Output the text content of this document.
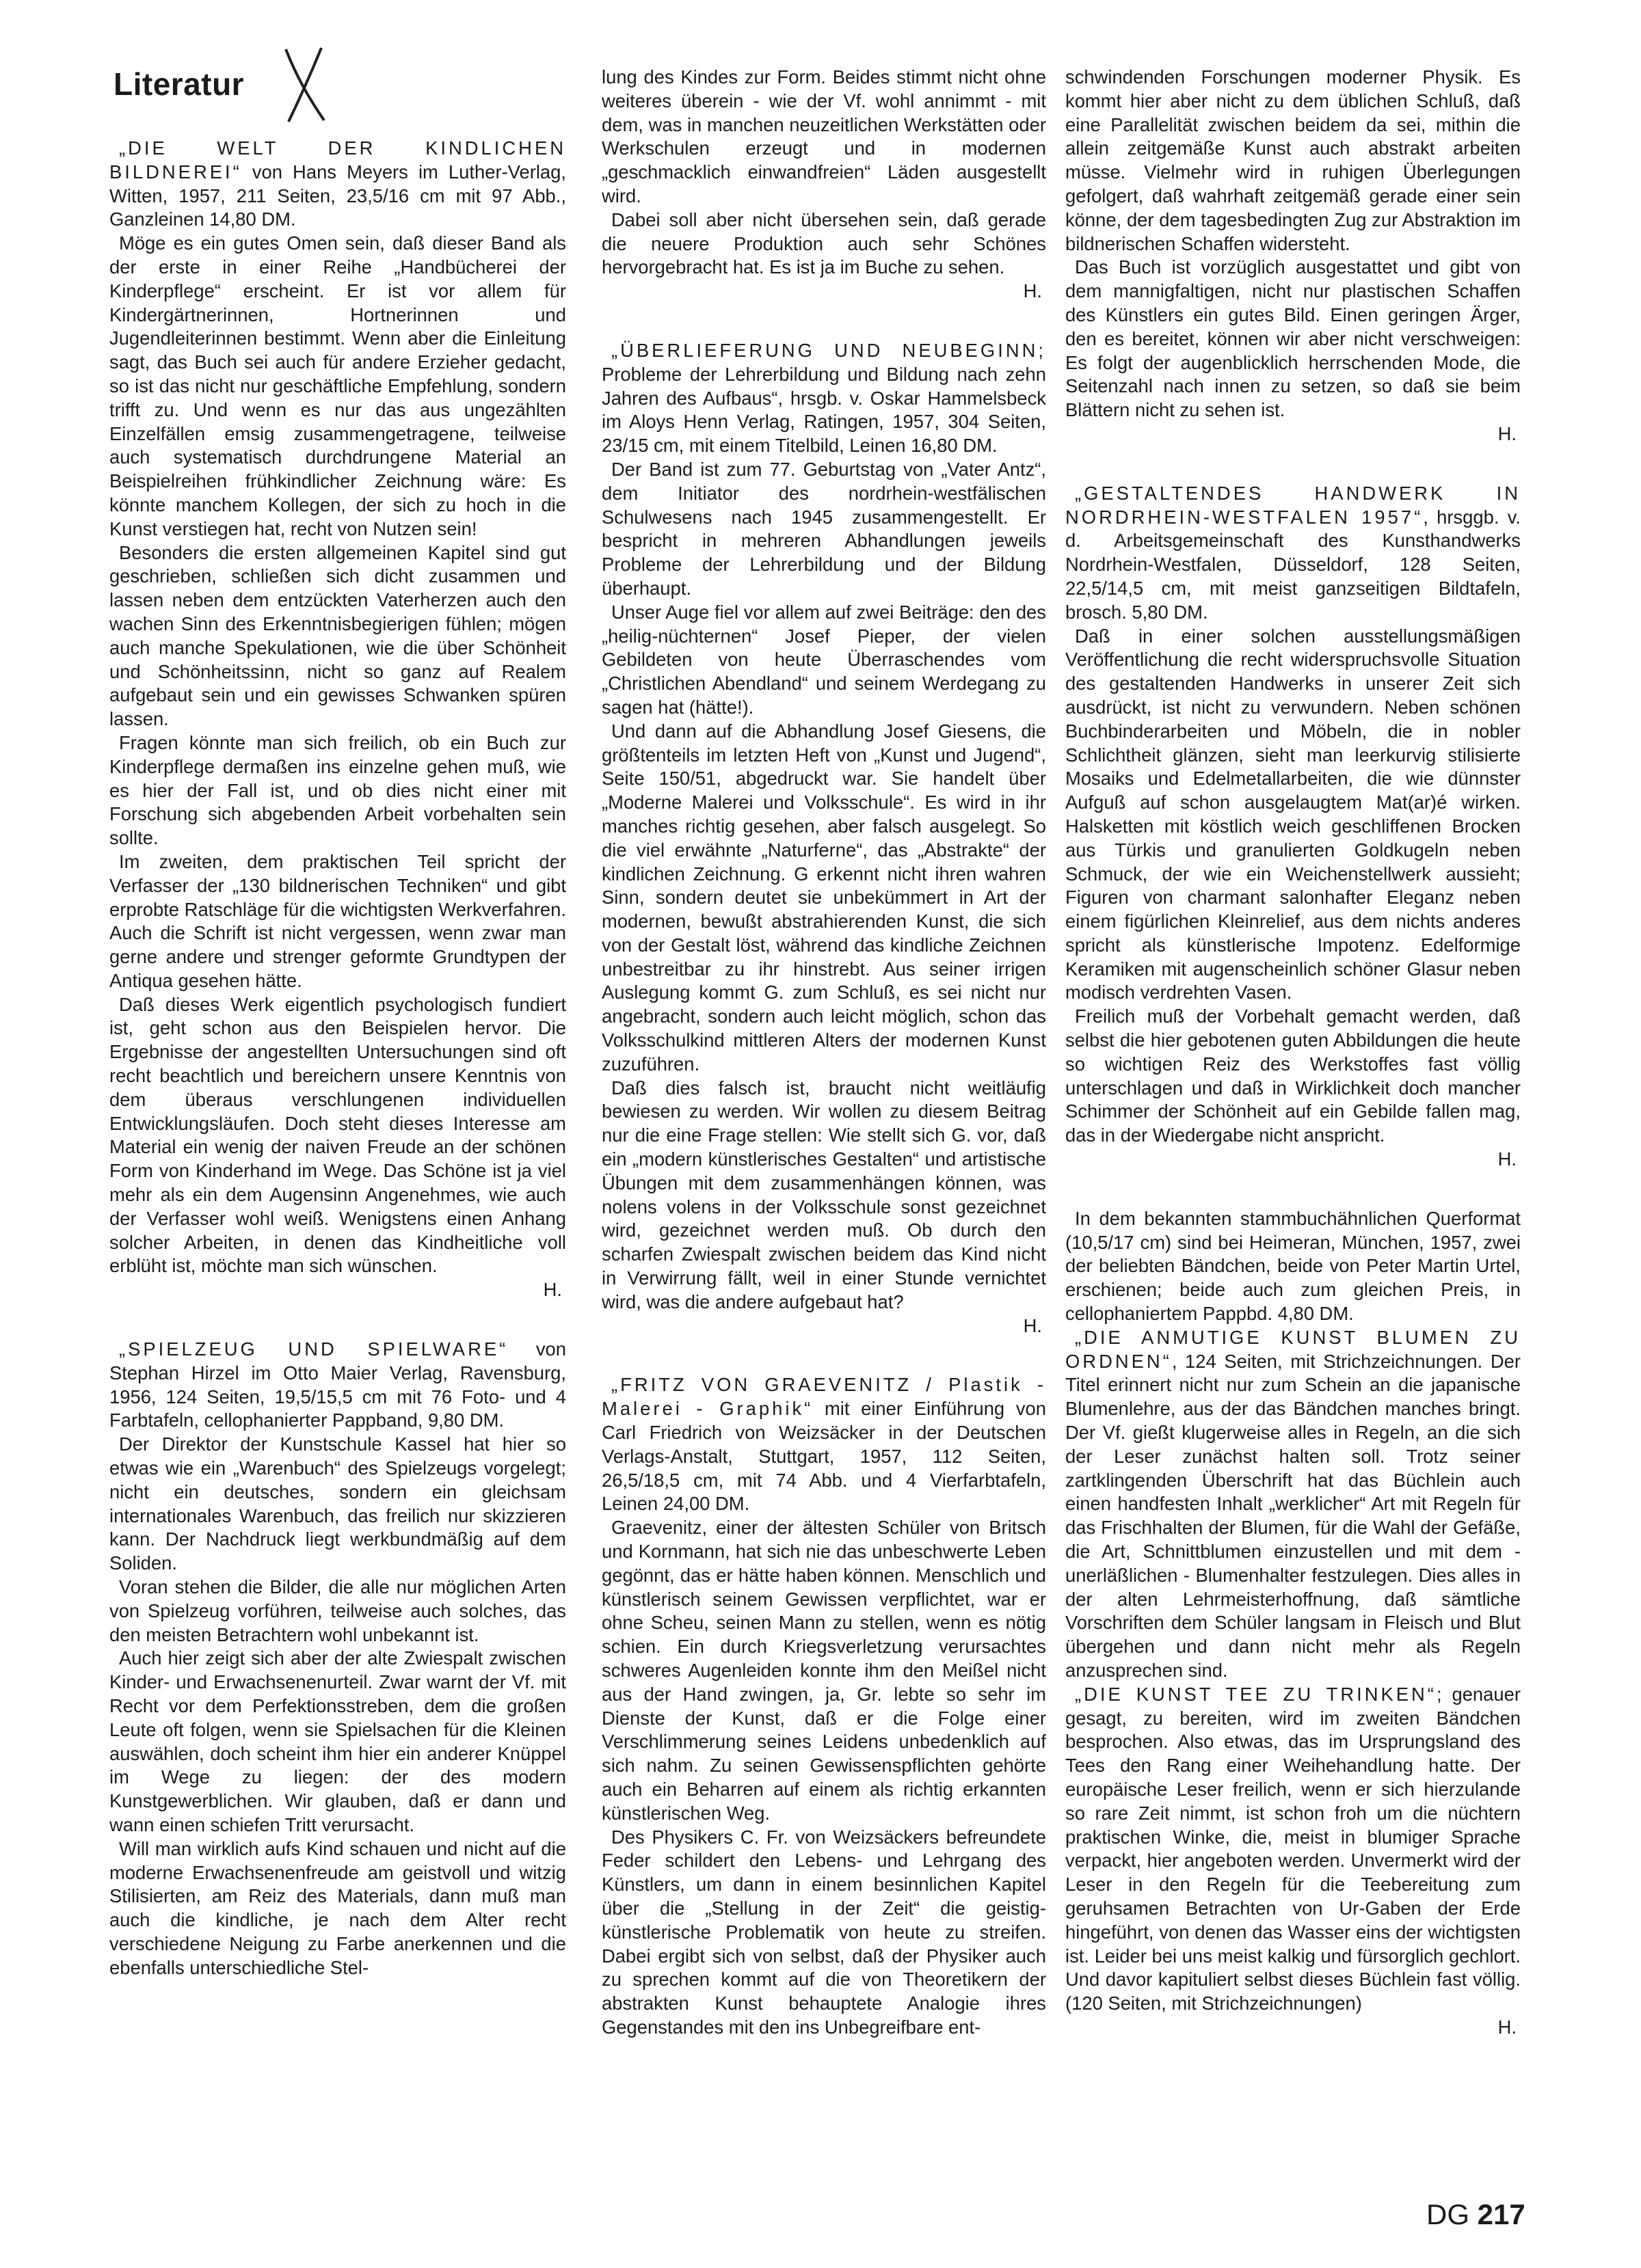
Literatur

„DIE WELT DER KINDLICHEN BILDNEREI“ von Hans Meyers im Luther-Verlag, Witten, 1957, 211 Seiten, 23,5/16 cm mit 97 Abb., Ganzleinen 14,80 DM.

Möge es ein gutes Omen sein, daß dieser Band als der erste in einer Reihe „Handbücherei der Kinderpflege“ erscheint. Er ist vor allem für Kindergärtnerinnen, Hortnerinnen und Jugendleiterinnen bestimmt. Wenn aber die Einleitung sagt, das Buch sei auch für andere Erzieher gedacht, so ist das nicht nur geschäftliche Empfehlung, sondern trifft zu. Und wenn es nur das aus ungezählten Einzelfällen emsig zusammengetragene, teilweise auch systematisch durchdrungene Material an Beispielreihen frühkindlicher Zeichnung wäre: Es könnte manchem Kollegen, der sich zu hoch in die Kunst verstiegen hat, recht von Nutzen sein!

Besonders die ersten allgemeinen Kapitel sind gut geschrieben, schließen sich dicht zusammen und lassen neben dem entzückten Vaterherzen auch den wachen Sinn des Erkenntnisbegierigen fühlen; mögen auch manche Spekulationen, wie die über Schönheit und Schönheitssinn, nicht so ganz auf Realem aufgebaut sein und ein gewisses Schwanken spüren lassen.

Fragen könnte man sich freilich, ob ein Buch zur Kinderpflege dermaßen ins einzelne gehen muß, wie es hier der Fall ist, und ob dies nicht einer mit Forschung sich abgebenden Arbeit vorbehalten sein sollte.

Im zweiten, dem praktischen Teil spricht der Verfasser der „130 bildnerischen Techniken“ und gibt erprobte Ratschläge für die wichtigsten Werkverfahren. Auch die Schrift ist nicht vergessen, wenn zwar man gerne andere und strenger geformte Grundtypen der Antiqua gesehen hätte.

Daß dieses Werk eigentlich psychologisch fundiert ist, geht schon aus den Beispielen hervor. Die Ergebnisse der angestellten Untersuchungen sind oft recht beachtlich und bereichern unsere Kenntnis von dem überaus verschlungenen individuellen Entwicklungsläufen. Doch steht dieses Interesse am Material ein wenig der naiven Freude an der schönen Form von Kinderhand im Wege. Das Schöne ist ja viel mehr als ein dem Augensinn Angenehmes, wie auch der Verfasser wohl weiß. Wenigstens einen Anhang solcher Arbeiten, in denen das Kindheitliche voll erblüht ist, möchte man sich wünschen.

H.

„SPIELZEUG UND SPIELWARE“ von Stephan Hirzel im Otto Maier Verlag, Ravensburg, 1956, 124 Seiten, 19,5/15,5 cm mit 76 Foto- und 4 Farbtafeln, cellophanierter Pappband, 9,80 DM.

Der Direktor der Kunstschule Kassel hat hier so etwas wie ein „Warenbuch“ des Spielzeugs vorgelegt; nicht ein deutsches, sondern ein gleichsam internationales Warenbuch, das freilich nur skizzieren kann. Der Nachdruck liegt werkbundmäßig auf dem Soliden.

Voran stehen die Bilder, die alle nur möglichen Arten von Spielzeug vorführen, teilweise auch solches, das den meisten Betrachtern wohl unbekannt ist.

Auch hier zeigt sich aber der alte Zwiespalt zwischen Kinder- und Erwachsenenurteil. Zwar warnt der Vf. mit Recht vor dem Perfektionsstreben, dem die großen Leute oft folgen, wenn sie Spielsachen für die Kleinen auswählen, doch scheint ihm hier ein anderer Knüppel im Wege zu liegen: der des modern Kunstgewerblichen. Wir glauben, daß er dann und wann einen schiefen Tritt verursacht.

Will man wirklich aufs Kind schauen und nicht auf die moderne Erwachsenenfreude am geistvoll und witzig Stilisierten, am Reiz des Materials, dann muß man auch die kindliche, je nach dem Alter recht verschiedene Neigung zu Farbe anerkennen und die ebenfalls unterschiedliche Stel-

lung des Kindes zur Form. Beides stimmt nicht ohne weiteres überein - wie der Vf. wohl annimmt - mit dem, was in manchen neuzeitlichen Werkstätten oder Werkschulen erzeugt und in modernen „geschmacklich einwandfreien“ Läden ausgestellt wird.

Dabei soll aber nicht übersehen sein, daß gerade die neuere Produktion auch sehr Schönes hervorgebracht hat. Es ist ja im Buche zu sehen.

H.

„ÜBERLIEFERUNG UND NEUBEGINN; Probleme der Lehrerbildung und Bildung nach zehn Jahren des Aufbaus“, hrsgb. v. Oskar Hammelsbeck im Aloys Henn Verlag, Ratingen, 1957, 304 Seiten, 23/15 cm, mit einem Titelbild, Leinen 16,80 DM.

Der Band ist zum 77. Geburtstag von „Vater Antz“, dem Initiator des nordrhein-westfälischen Schulwesens nach 1945 zusammengestellt. Er bespricht in mehreren Abhandlungen jeweils Probleme der Lehrerbildung und der Bildung überhaupt.

Unser Auge fiel vor allem auf zwei Beiträge: den des „heilig-nüchternen“ Josef Pieper, der vielen Gebildeten von heute Überraschendes vom „Christlichen Abendland“ und seinem Werdegang zu sagen hat (hätte!).

Und dann auf die Abhandlung Josef Giesens, die größtenteils im letzten Heft von „Kunst und Jugend“, Seite 150/51, abgedruckt war. Sie handelt über „Moderne Malerei und Volksschule“. Es wird in ihr manches richtig gesehen, aber falsch ausgelegt. So die viel erwähnte „Naturferne“, das „Abstrakte“ der kindlichen Zeichnung. G erkennt nicht ihren wahren Sinn, sondern deutet sie unbekümmert in Art der modernen, bewußt abstrahierenden Kunst, die sich von der Gestalt löst, während das kindliche Zeichnen unbestreitbar zu ihr hinstrebt. Aus seiner irrigen Auslegung kommt G. zum Schluß, es sei nicht nur angebracht, sondern auch leicht möglich, schon das Volksschulkind mittleren Alters der modernen Kunst zuzuführen.

Daß dies falsch ist, braucht nicht weitläufig bewiesen zu werden. Wir wollen zu diesem Beitrag nur die eine Frage stellen: Wie stellt sich G. vor, daß ein „modern künstlerisches Gestalten“ und artistische Übungen mit dem zusammenhängen können, was nolens volens in der Volksschule sonst gezeichnet wird, gezeichnet werden muß. Ob durch den scharfen Zwiespalt zwischen beidem das Kind nicht in Verwirrung fällt, weil in einer Stunde vernichtet wird, was die andere aufgebaut hat?

H.

„FRITZ VON GRAEVENITZ / Plastik - Malerei - Graphik“ mit einer Einführung von Carl Friedrich von Weizsäcker in der Deutschen Verlags-Anstalt, Stuttgart, 1957, 112 Seiten, 26,5/18,5 cm, mit 74 Abb. und 4 Vierfarbtafeln, Leinen 24,00 DM.

Graevenitz, einer der ältesten Schüler von Britsch und Kornmann, hat sich nie das unbeschwerte Leben gegönnt, das er hätte haben können. Menschlich und künstlerisch seinem Gewissen verpflichtet, war er ohne Scheu, seinen Mann zu stellen, wenn es nötig schien. Ein durch Kriegsverletzung verursachtes schweres Augenleiden konnte ihm den Meißel nicht aus der Hand zwingen, ja, Gr. lebte so sehr im Dienste der Kunst, daß er die Folge einer Verschlimmerung seines Leidens unbedenklich auf sich nahm. Zu seinen Gewissenspflichten gehörte auch ein Beharren auf einem als richtig erkannten künstlerischen Weg.

Des Physikers C. Fr. von Weizsäckers befreundete Feder schildert den Lebens- und Lehrgang des Künstlers, um dann in einem besinnlichen Kapitel über die „Stellung in der Zeit“ die geistig-künstlerische Problematik von heute zu streifen. Dabei ergibt sich von selbst, daß der Physiker auch zu sprechen kommt auf die von Theoretikern der abstrakten Kunst behauptete Analogie ihres Gegenstandes mit den ins Unbegreifbare ent-

schwindenden Forschungen moderner Physik. Es kommt hier aber nicht zu dem üblichen Schluß, daß eine Parallelität zwischen beidem da sei, mithin die allein zeitgemäße Kunst auch abstrakt arbeiten müsse. Vielmehr wird in ruhigen Überlegungen gefolgert, daß wahrhaft zeitgemäß gerade einer sein könne, der dem tagesbedingten Zug zur Abstraktion im bildnerischen Schaffen widersteht.

Das Buch ist vorzüglich ausgestattet und gibt von dem mannigfaltigen, nicht nur plastischen Schaffen des Künstlers ein gutes Bild. Einen geringen Ärger, den es bereitet, können wir aber nicht verschweigen: Es folgt der augenblicklich herrschenden Mode, die Seitenzahl nach innen zu setzen, so daß sie beim Blättern nicht zu sehen ist.

H.

„GESTALTENDES HANDWERK IN NORDRHEIN-WESTFALEN 1957“, hrsggb. v. d. Arbeitsgemeinschaft des Kunsthandwerks Nordrhein-Westfalen, Düsseldorf, 128 Seiten, 22,5/14,5 cm, mit meist ganzseitigen Bildtafeln, brosch. 5,80 DM.

Daß in einer solchen ausstellungsmäßigen Veröffentlichung die recht widerspruchsvolle Situation des gestaltenden Handwerks in unserer Zeit sich ausdrückt, ist nicht zu verwundern. Neben schönen Buchbinderarbeiten und Möbeln, die in nobler Schlichtheit glänzen, sieht man leerkurvig stilisierte Mosaiks und Edelmetallarbeiten, die wie dünnster Aufguß auf schon ausgelaugtem Mat(ar)é wirken. Halsketten mit köstlich weich geschliffenen Brocken aus Türkis und granulierten Goldkugeln neben Schmuck, der wie ein Weichenstellwerk aussieht; Figuren von charmant salonhafter Eleganz neben einem figürlichen Kleinrelief, aus dem nichts anderes spricht als künstlerische Impotenz. Edelformige Keramiken mit augenscheinlich schöner Glasur neben modisch verdrehten Vasen.

Freilich muß der Vorbehalt gemacht werden, daß selbst die hier gebotenen guten Abbildungen die heute so wichtigen Reiz des Werkstoffes fast völlig unterschlagen und daß in Wirklichkeit doch mancher Schimmer der Schönheit auf ein Gebilde fallen mag, das in der Wiedergabe nicht anspricht.

H.

In dem bekannten stammbuchähnlichen Querformat (10,5/17 cm) sind bei Heimeran, München, 1957, zwei der beliebten Bändchen, beide von Peter Martin Urtel, erschienen; beide auch zum gleichen Preis, in cellophaniertem Pappbd. 4,80 DM.

„DIE ANMUTIGE KUNST BLUMEN ZU ORDNEN“, 124 Seiten, mit Strichzeichnungen. Der Titel erinnert nicht nur zum Schein an die japanische Blumenlehre, aus der das Bändchen manches bringt. Der Vf. gießt klugerweise alles in Regeln, an die sich der Leser zunächst halten soll. Trotz seiner zartklingenden Überschrift hat das Büchlein auch einen handfesten Inhalt „werklicher“ Art mit Regeln für das Frischhalten der Blumen, für die Wahl der Gefäße, die Art, Schnittblumen einzustellen und mit dem - unerläßlichen - Blumenhalter festzulegen. Dies alles in der alten Lehrmeisterhoffnung, daß sämtliche Vorschriften dem Schüler langsam in Fleisch und Blut übergehen und dann nicht mehr als Regeln anzusprechen sind.

„DIE KUNST TEE ZU TRINKEN“; genauer gesagt, zu bereiten, wird im zweiten Bändchen besprochen. Also etwas, das im Ursprungsland des Tees den Rang einer Weihehandlung hatte. Der europäische Leser freilich, wenn er sich hierzulande so rare Zeit nimmt, ist schon froh um die nüchtern praktischen Winke, die, meist in blumiger Sprache verpackt, hier angeboten werden. Unvermerkt wird der Leser in den Regeln für die Teebereitung zum geruhsamen Betrachten von Ur-Gaben der Erde hingeführt, von denen das Wasser eins der wichtigsten ist. Leider bei uns meist kalkig und fürsorglich gechlort. Und davor kapituliert selbst dieses Büchlein fast völlig. (120 Seiten, mit Strichzeichnungen)

H.

DG 217
